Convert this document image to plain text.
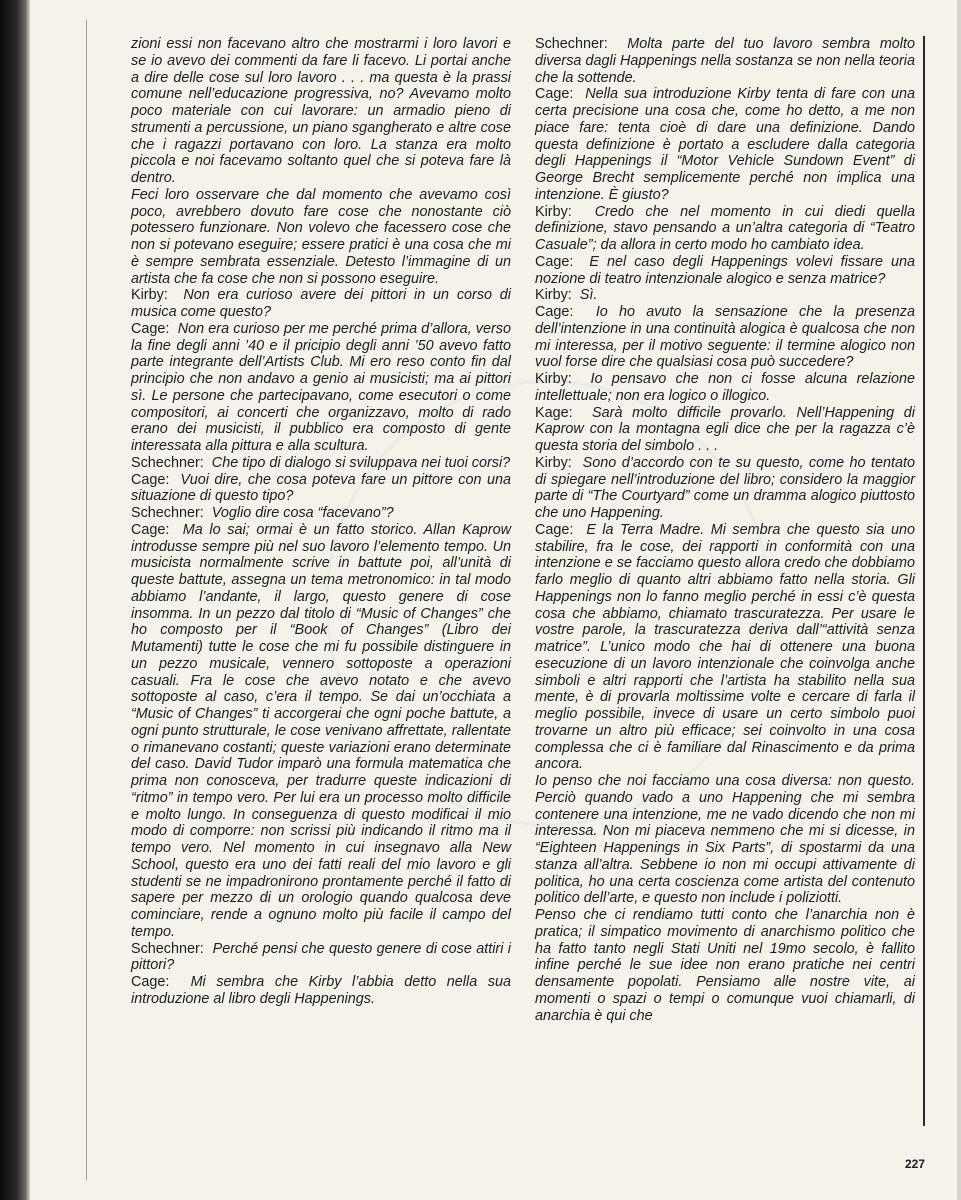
zioni essi non facevano altro che mostrarmi i loro lavori e se io avevo dei commenti da fare li facevo. Li portai anche a dire delle cose sul loro lavoro . . . ma questa è la prassi comune nell’educazione progressiva, no? Avevamo molto poco materiale con cui lavorare: un armadio pieno di strumenti a percussione, un piano sgangherato e altre cose che i ragazzi portavano con loro. La stanza era molto piccola e noi facevamo soltanto quel che si poteva fare là dentro.

Feci loro osservare che dal momento che avevamo così poco, avrebbero dovuto fare cose che nonostante ciò potessero funzionare. Non volevo che facessero cose che non si potevano eseguire; essere pratici è una cosa che mi è sempre sembrata essenziale. Detesto l’immagine di un artista che fa cose che non si possono eseguire.

Kirby: Non era curioso avere dei pittori in un corso di musica come questo?

Cage: Non era curioso per me perché prima d’allora, verso la fine degli anni ’40 e il pricipio degli anni ’50 avevo fatto parte integrante dell’Artists Club. Mi ero reso conto fin dal principio che non andavo a genio ai musicisti; ma ai pittori sì. Le persone che partecipavano, come esecutori o come compositori, ai concerti che organizzavo, molto di rado erano dei musicisti, il pubblico era composto di gente interessata alla pittura e alla scultura.

Schechner: Che tipo di dialogo si sviluppava nei tuoi corsi?

Cage: Vuoi dire, che cosa poteva fare un pittore con una situazione di questo tipo?

Schechner: Voglio dire cosa “facevano”?

Cage: Ma lo sai; ormai è un fatto storico. Allan Kaprow introdusse sempre più nel suo lavoro l’elemento tempo. Un musicista normalmente scrive in battute poi, all’unità di queste battute, assegna un tema metronomico: in tal modo abbiamo l’andante, il largo, questo genere di cose insomma. In un pezzo dal titolo di “Music of Changes” che ho composto per il “Book of Changes” (Libro dei Mutamenti) tutte le cose che mi fu possibile distinguere in un pezzo musicale, vennero sottoposte a operazioni casuali. Fra le cose che avevo notato e che avevo sottoposte al caso, c’era il tempo. Se dai un’occhiata a “Music of Changes” ti accorgerai che ogni poche battute, a ogni punto strutturale, le cose venivano affrettate, rallentate o rimanevano costanti; queste variazioni erano determinate del caso. David Tudor imparò una formula matematica che prima non conosceva, per tradurre queste indicazioni di “ritmo” in tempo vero. Per lui era un processo molto difficile e molto lungo. In conseguenza di questo modificai il mio modo di comporre: non scrissi più indicando il ritmo ma il tempo vero. Nel momento in cui insegnavo alla New School, questo era uno dei fatti reali del mio lavoro e gli studenti se ne impadronirono prontamente perché il fatto di sapere per mezzo di un orologio quando qualcosa deve cominciare, rende a ognuno molto più facile il campo del tempo.

Schechner: Perché pensi che questo genere di cose attiri i pittori?

Cage: Mi sembra che Kirby l’abbia detto nella sua introduzione al libro degli Happenings.

Schechner: Molta parte del tuo lavoro sembra molto diversa dagli Happenings nella sostanza se non nella teoria che la sottende.

Cage: Nella sua introduzione Kirby tenta di fare con una certa precisione una cosa che, come ho detto, a me non piace fare: tenta cioè di dare una definizione. Dando questa definizione è portato a escludere dalla categoria degli Happenings il “Motor Vehicle Sundown Event” di George Brecht semplicemente perché non implica una intenzione. È giusto?

Kirby: Credo che nel momento in cui diedi quella definizione, stavo pensando a un’altra categoria di “Teatro Casuale”; da allora in certo modo ho cambiato idea.

Cage: E nel caso degli Happenings volevi fissare una nozione di teatro intenzionale alogico e senza matrice?

Kirby: Sì.

Cage: Io ho avuto la sensazione che la presenza dell’intenzione in una continuità alogica è qualcosa che non mi interessa, per il motivo seguente: il termine alogico non vuol forse dire che qualsiasi cosa può succedere?

Kirby: Io pensavo che non ci fosse alcuna relazione intellettuale; non era logico o illogico.

Kage: Sarà molto difficile provarlo. Nell’Happening di Kaprow con la montagna egli dice che per la ragazza c’è questa storia del simbolo . . .

Kirby: Sono d’accordo con te su questo, come ho tentato di spiegare nell’introduzione del libro; considero la maggior parte di “The Courtyard” come un dramma alogico piuttosto che uno Happening.

Cage: E la Terra Madre. Mi sembra che questo sia uno stabilire, fra le cose, dei rapporti in conformità con una intenzione e se facciamo questo allora credo che dobbiamo farlo meglio di quanto altri abbiamo fatto nella storia. Gli Happenings non lo fanno meglio perché in essi c’è questa cosa che abbiamo, chiamato trascuratezza. Per usare le vostre parole, la trascuratezza deriva dall’“attività senza matrice”. L’unico modo che hai di ottenere una buona esecuzione di un lavoro intenzionale che coinvolga anche simboli e altri rapporti che l’artista ha stabilito nella sua mente, è di provarla moltissime volte e cercare di farla il meglio possibile, invece di usare un certo simbolo puoi trovarne un altro più efficace; sei coinvolto in una cosa complessa che ci è familiare dal Rinascimento e da prima ancora.

Io penso che noi facciamo una cosa diversa: non questo. Perciò quando vado a uno Happening che mi sembra contenere una intenzione, me ne vado dicendo che non mi interessa. Non mi piaceva nemmeno che mi si dicesse, in “Eighteen Happenings in Six Parts”, di spostarmi da una stanza all’altra. Sebbene io non mi occupi attivamente di politica, ho una certa coscienza come artista del contenuto politico dell’arte, e questo non include i poliziotti.

Penso che ci rendiamo tutti conto che l’anarchia non è pratica; il simpatico movimento di anarchismo politico che ha fatto tanto negli Stati Uniti nel 19mo secolo, è fallito infine perché le sue idee non erano pratiche nei centri densamente popolati. Pensiamo alle nostre vite, ai momenti o spazi o tempi o comunque vuoi chiamarli, di anarchia è qui che

227
